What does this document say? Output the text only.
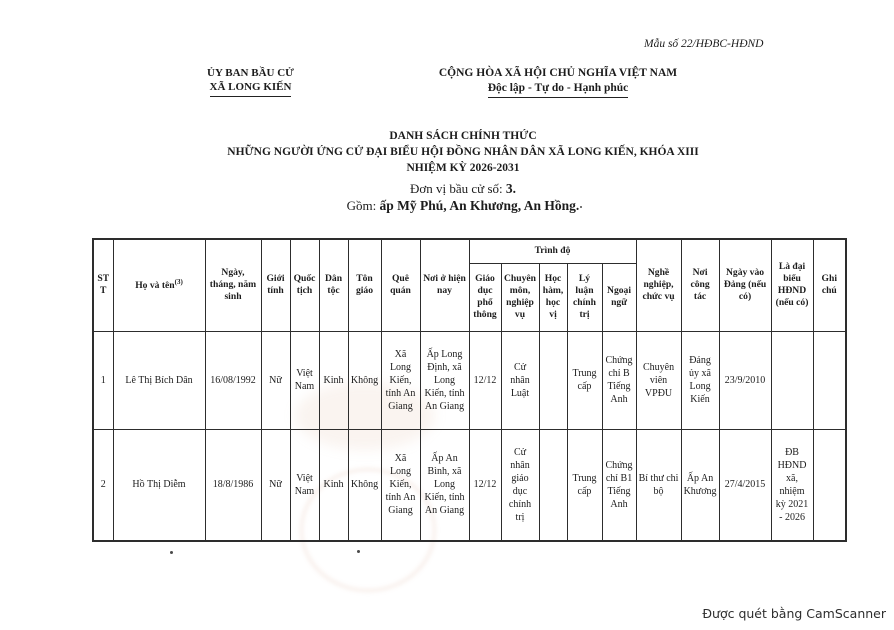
Mẫu số 22/HĐBC-HĐND
ỦY BAN BẦU CỬ
XÃ LONG KIẾN
CỘNG HÒA XÃ HỘI CHỦ NGHĨA VIỆT NAM
Độc lập - Tự do - Hạnh phúc
DANH SÁCH CHÍNH THỨC
NHỮNG NGƯỜI ỨNG CỬ ĐẠI BIỂU HỘI ĐỒNG NHÂN DÂN XÃ LONG KIẾN, KHÓA XIII
NHIỆM KỲ 2026-2031
Đơn vị bầu cử số: 3.
Gồm: ấp Mỹ Phú, An Khương, An Hồng.
STT	Họ và tên$^{(3)}$	Ngày, tháng, năm sinh	Giới tính	Quốc tịch	Dân tộc	Tôn giáo	Quê quán	Nơi ở hiện nay	Trình độ					Nghề nghiệp, chức vụ	Nơi công tác	Ngày vào Đảng (nếu có)	Là đại biểu HĐND (nếu có)	Ghi chú
									Giáo dục phổ thông	Chuyên môn, nghiệp vụ	Học hàm, học vị	Lý luận chính trị	Ngoại ngữ					
1	Lê Thị Bích Dân	16/08/1992	Nữ	Việt Nam	Kinh	Không	Xã Long Kiến, tỉnh An Giang	Ấp Long Định, xã Long Kiến, tỉnh An Giang	12/12	Cử nhân Luật		Trung cấp	Chứng chỉ B Tiếng Anh	Chuyên viên VPĐU	Đảng ủy xã Long Kiến	23/9/2010		
2	Hồ Thị Diễm	18/8/1986	Nữ	Việt Nam	Kinh	Không	Xã Long Kiến, tỉnh An Giang	Ấp An Bình, xã Long Kiến, tỉnh An Giang	12/12	Cử nhân giáo dục chính trị		Trung cấp	Chứng chỉ B1 Tiếng Anh	Bí thư chi bộ	Ấp An Khương	27/4/2015	ĐB HĐND xã, nhiệm kỳ 2021 - 2026	
Được quét bằng CamScanner
